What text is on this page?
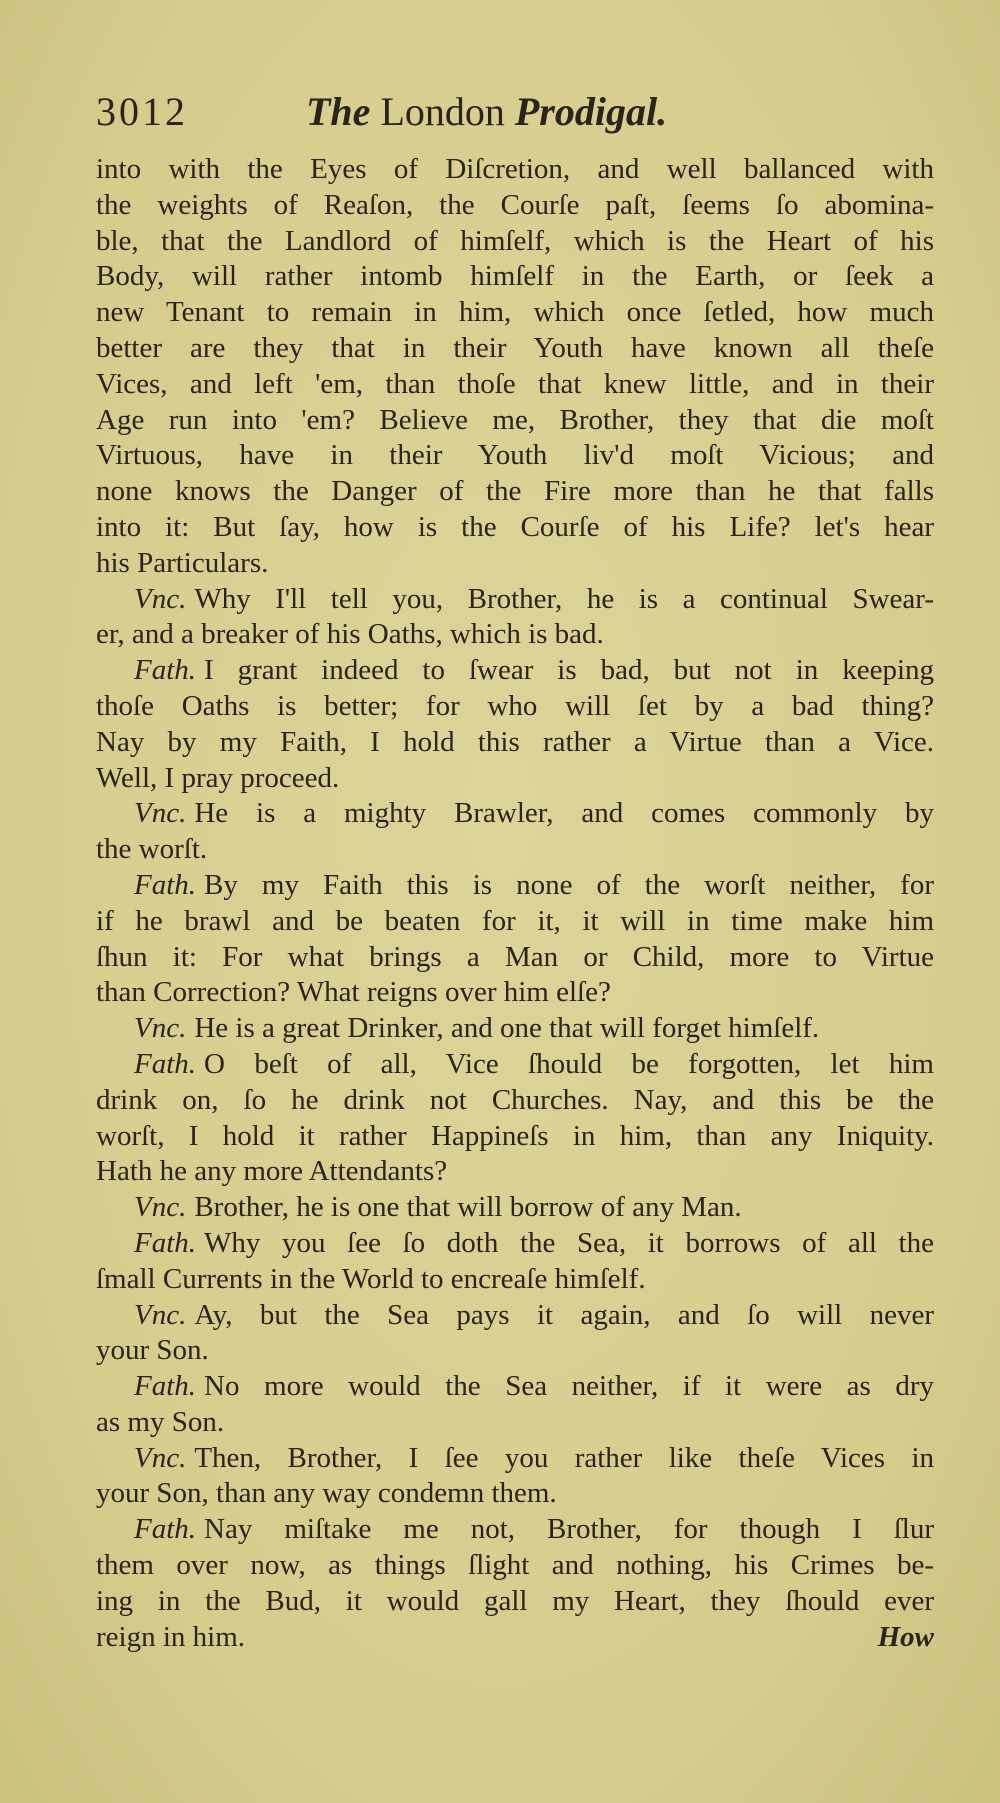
3012	The London Prodigal.
into with the Eyes of Diſcretion, and well ballanced with
the weights of Reaſon, the Courſe paſt, ſeems ſo abomina-
ble, that the Landlord of himſelf, which is the Heart of his
Body, will rather intomb himſelf in the Earth, or ſeek a
new Tenant to remain in him, which once ſetled, how much
better are they that in their Youth have known all theſe
Vices, and left 'em, than thoſe that knew little, and in their
Age run into 'em? Believe me, Brother, they that die moſt
Virtuous, have in their Youth liv'd moſt Vicious; and
none knows the Danger of the Fire more than he that falls
into it: But ſay, how is the Courſe of his Life? let's hear
his Particulars.
Vnc. Why I'll tell you, Brother, he is a continual Swear-
er, and a breaker of his Oaths, which is bad.
Fath. I grant indeed to ſwear is bad, but not in keeping
thoſe Oaths is better; for who will ſet by a bad thing?
Nay by my Faith, I hold this rather a Virtue than a Vice.
Well, I pray proceed.
Vnc. He is a mighty Brawler, and comes commonly by
the worſt.
Fath. By my Faith this is none of the worſt neither, for
if he brawl and be beaten for it, it will in time make him
ſhun it: For what brings a Man or Child, more to Virtue
than Correction? What reigns over him elſe?
Vnc. He is a great Drinker, and one that will forget himſelf.
Fath. O beſt of all, Vice ſhould be forgotten, let him
drink on, ſo he drink not Churches. Nay, and this be the
worſt, I hold it rather Happineſs in him, than any Iniquity.
Hath he any more Attendants?
Vnc. Brother, he is one that will borrow of any Man.
Fath. Why you ſee ſo doth the Sea, it borrows of all the
ſmall Currents in the World to encreaſe himſelf.
Vnc. Ay, but the Sea pays it again, and ſo will never
your Son.
Fath. No more would the Sea neither, if it were as dry
as my Son.
Vnc. Then, Brother, I ſee you rather like theſe Vices in
your Son, than any way condemn them.
Fath. Nay miſtake me not, Brother, for though I ſlur
them over now, as things ſlight and nothing, his Crimes be-
ing in the Bud, it would gall my Heart, they ſhould ever
reign in him.	How
